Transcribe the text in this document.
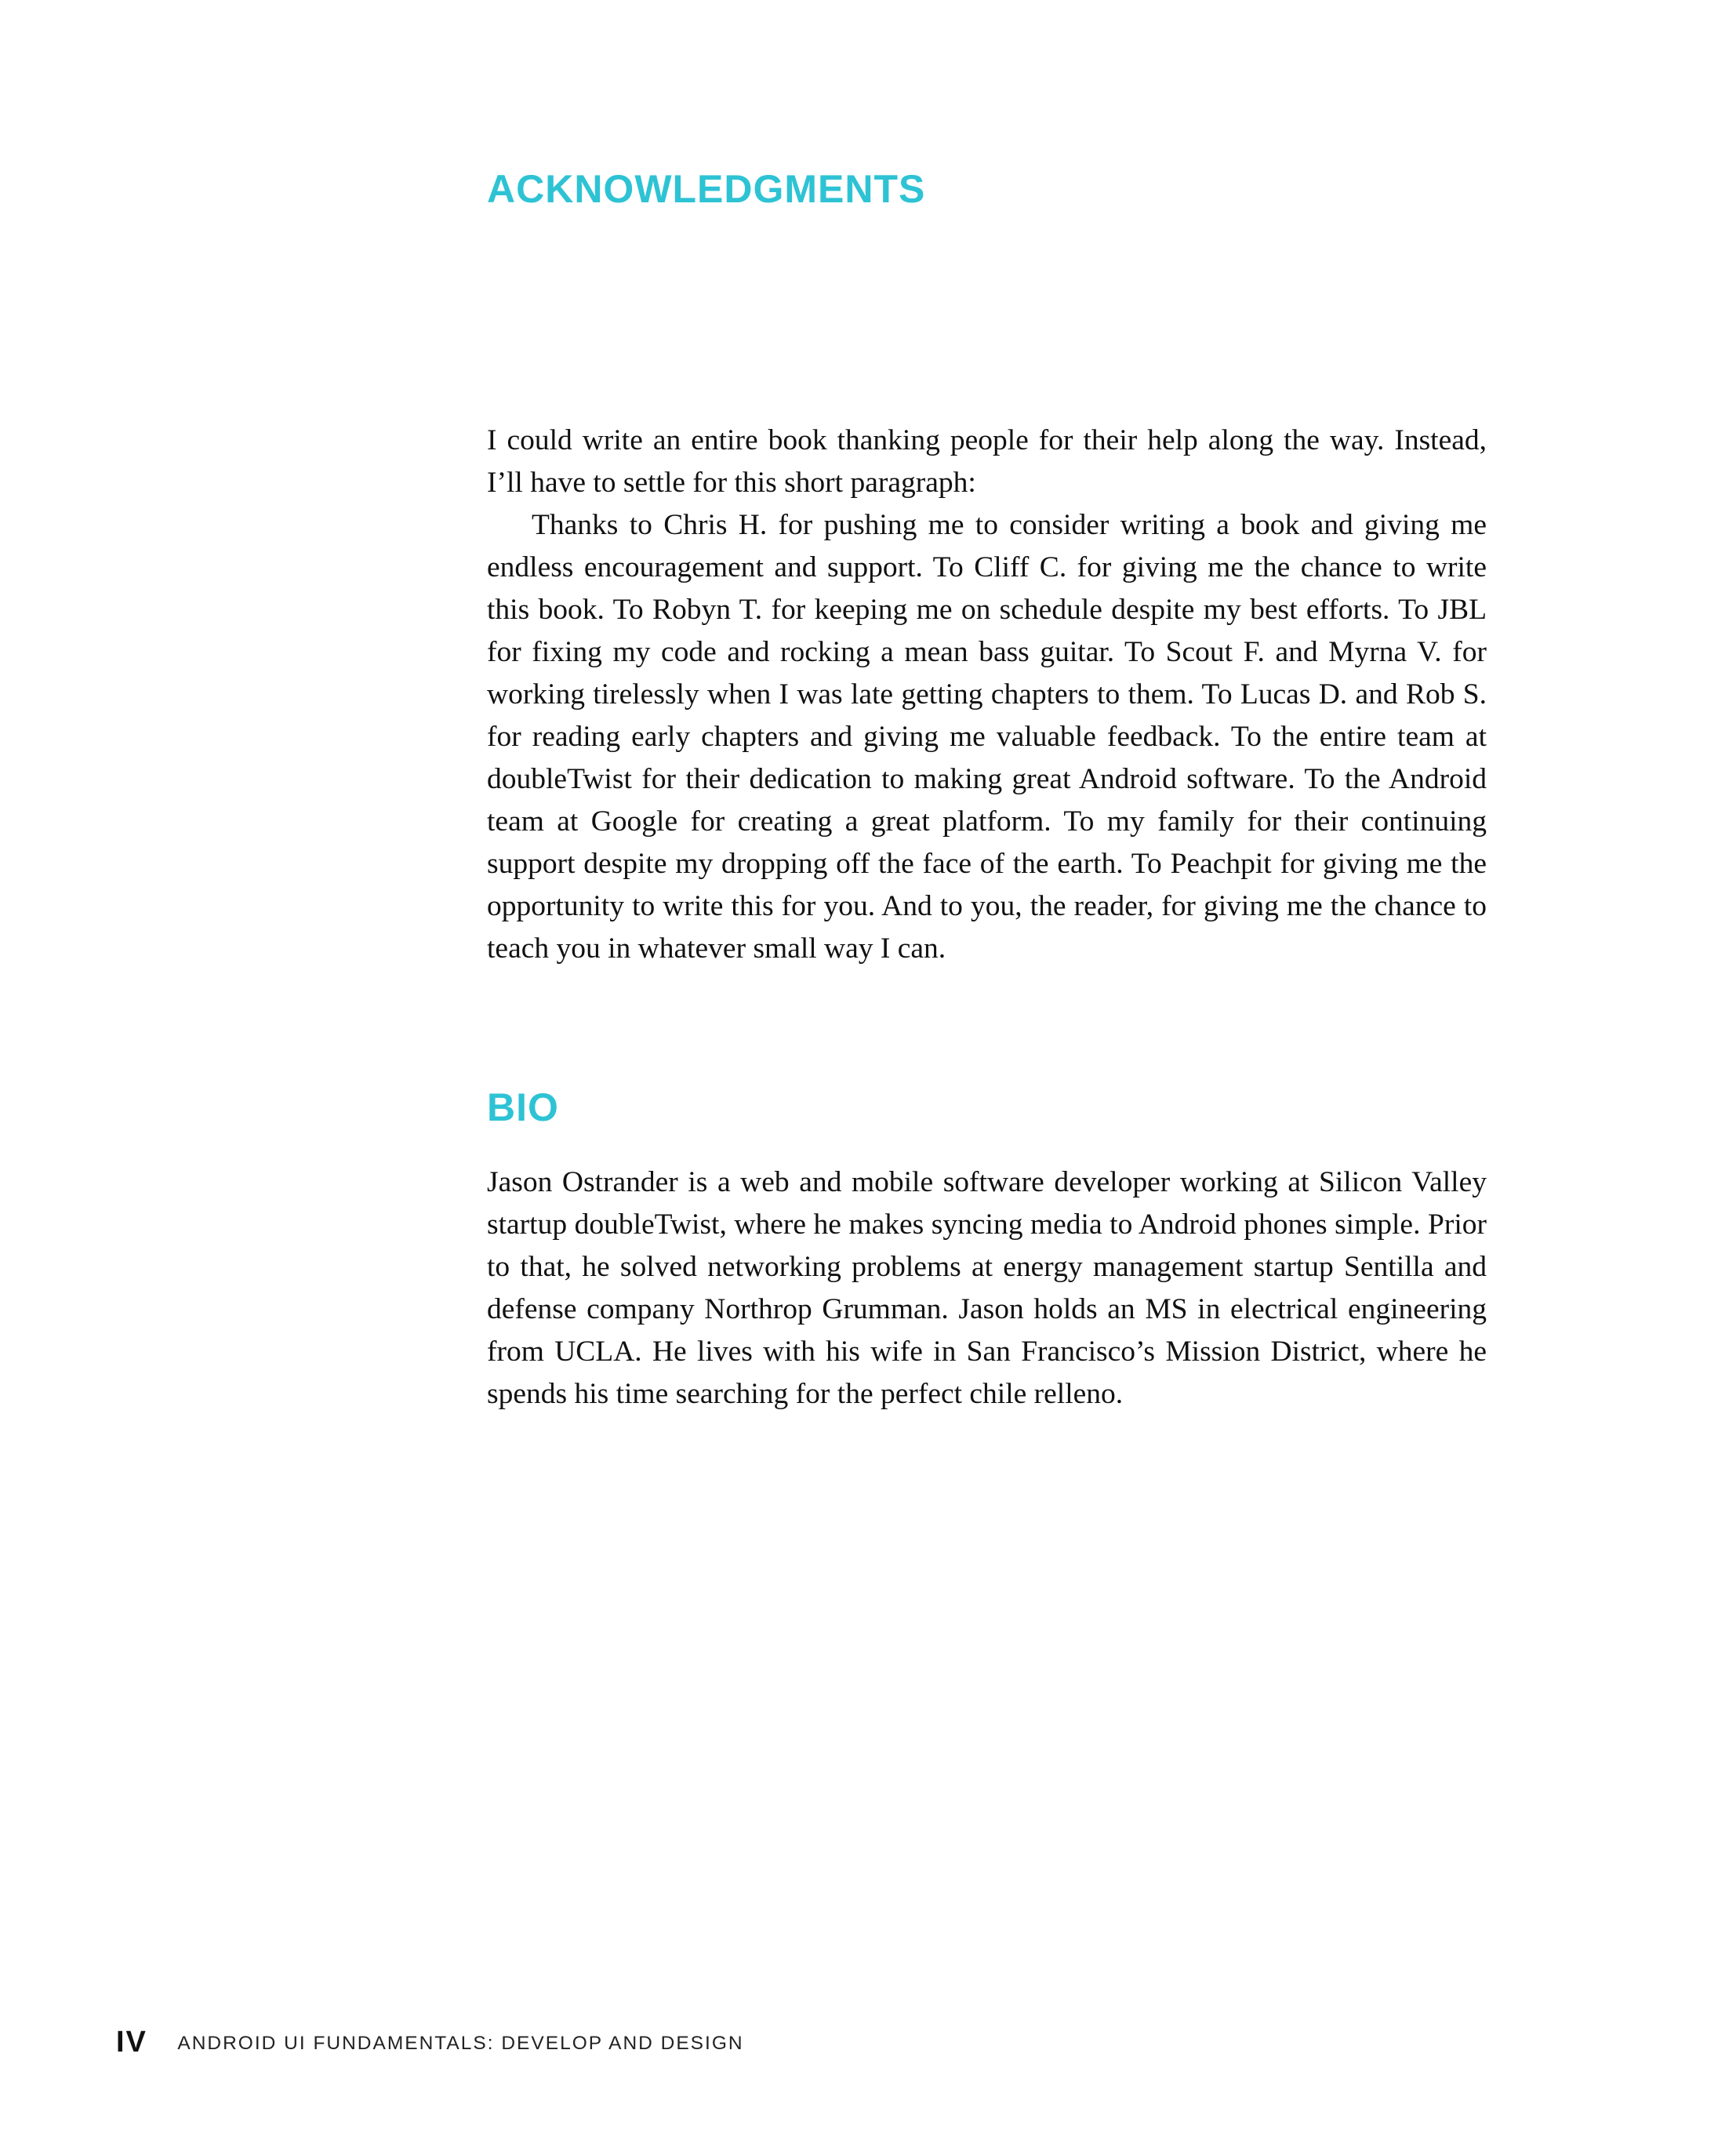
ACKNOWLEDGMENTS

I could write an entire book thanking people for their help along the way. Instead, I’ll have to settle for this short paragraph:

Thanks to Chris H. for pushing me to consider writing a book and giving me endless encouragement and support. To Cliff C. for giving me the chance to write this book. To Robyn T. for keeping me on schedule despite my best efforts. To JBL for fixing my code and rocking a mean bass guitar. To Scout F. and Myrna V. for working tirelessly when I was late getting chapters to them. To Lucas D. and Rob S. for reading early chapters and giving me valuable feedback. To the entire team at doubleTwist for their dedication to making great Android software. To the Android team at Google for creating a great platform. To my family for their continuing support despite my dropping off the face of the earth. To Peachpit for giving me the opportunity to write this for you. And to you, the reader, for giving me the chance to teach you in whatever small way I can.

BIO

Jason Ostrander is a web and mobile software developer working at Silicon Valley startup doubleTwist, where he makes syncing media to Android phones simple. Prior to that, he solved networking problems at energy management startup Sentilla and defense company Northrop Grumman. Jason holds an MS in electrical engineering from UCLA. He lives with his wife in San Francisco’s Mission District, where he spends his time searching for the perfect chile relleno.

IV ANDROID UI FUNDAMENTALS: DEVELOP AND DESIGN
